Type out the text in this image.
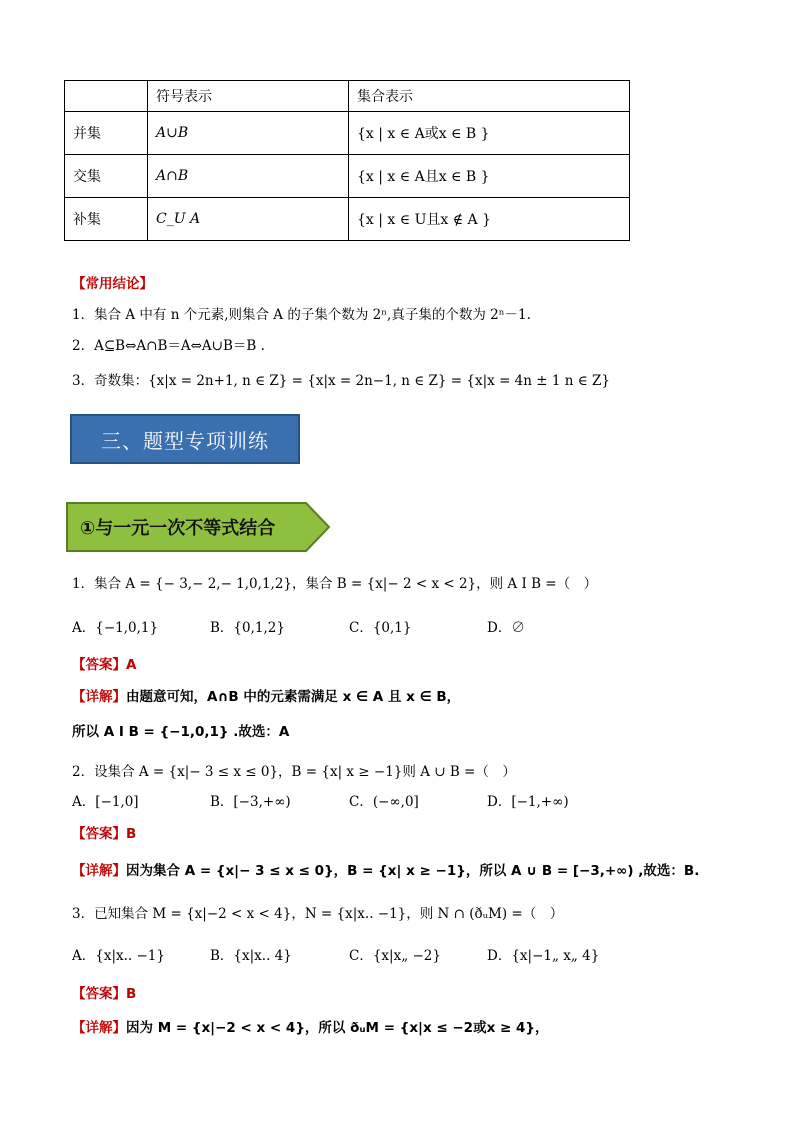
	符号表示	集合表示
并集	A∪B	{x | x ∈ A或x ∈ B }
交集	A∩B	{x | x ∈ A且x ∈ B }
补集	C_U A	{x | x ∈ U且x ∉ A }
【常用结论】
1．集合 A 中有 n 个元素,则集合 A 的子集个数为 2ⁿ,真子集的个数为 2ⁿ－1.
2．A⊆B⇔A∩B＝A⇔A∪B＝B .
3．奇数集：{x|x = 2n+1, n ∈ Z} = {x|x = 2n−1, n ∈ Z} = {x|x = 4n ± 1 n ∈ Z}
三、题型专项训练
①与一元一次不等式结合
1．集合 A = {− 3,− 2,− 1,0,1,2}，集合 B = {x|− 2 < x < 2}，则 A I B =（　）
A．{−1,0,1}	B．{0,1,2}	C．{0,1}	D．∅
【答案】A
【详解】由题意可知，A∩B 中的元素需满足 x ∈ A 且 x ∈ B，
所以 A I B = {−1,0,1} .故选：A
2．设集合 A = {x|− 3 ≤ x ≤ 0}，B = {x| x ≥ −1}则 A ∪ B =（　）
A．[−1,0]	B．[−3,+∞)	C．(−∞,0]	D．[−1,+∞)
【答案】B
【详解】因为集合 A = {x|− 3 ≤ x ≤ 0}，B = {x| x ≥ −1}，所以 A ∪ B = [−3,+∞) ,故选：B.
3．已知集合 M = {x|−2 < x < 4}，N = {x|x.. −1}，则 N ∩ (ðᵤM) =（　）
A．{x|x.. −1}	B．{x|x.. 4}	C．{x|x„ −2}	D．{x|−1„ x„ 4}
【答案】B
【详解】因为 M = {x|−2 < x < 4}，所以 ðᵤM = {x|x ≤ −2或x ≥ 4}，
